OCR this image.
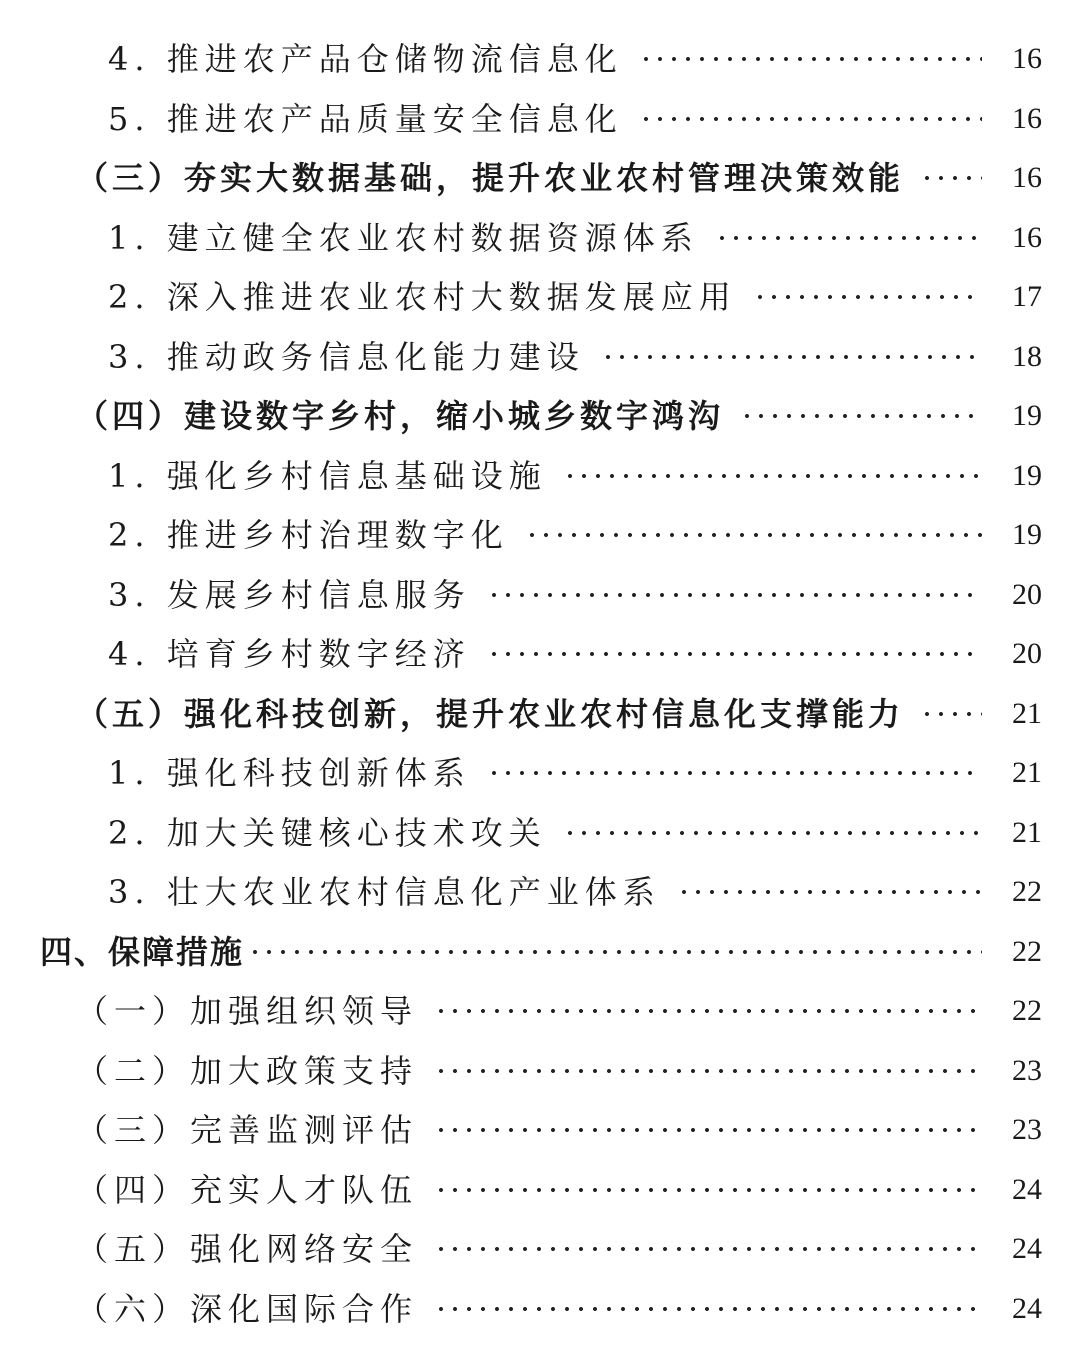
4. 推进农产品仓储物流信息化	16
5. 推进农产品质量安全信息化	16
（三）夯实大数据基础，提升农业农村管理决策效能	16
1. 建立健全农业农村数据资源体系	16
2. 深入推进农业农村大数据发展应用	17
3. 推动政务信息化能力建设	18
（四）建设数字乡村，缩小城乡数字鸿沟	19
1. 强化乡村信息基础设施	19
2. 推进乡村治理数字化	19
3. 发展乡村信息服务	20
4. 培育乡村数字经济	20
（五）强化科技创新，提升农业农村信息化支撑能力	21
1. 强化科技创新体系	21
2. 加大关键核心技术攻关	21
3. 壮大农业农村信息化产业体系	22
四、保障措施	22
（一）加强组织领导	22
（二）加大政策支持	23
（三）完善监测评估	23
（四）充实人才队伍	24
（五）强化网络安全	24
（六）深化国际合作	24
